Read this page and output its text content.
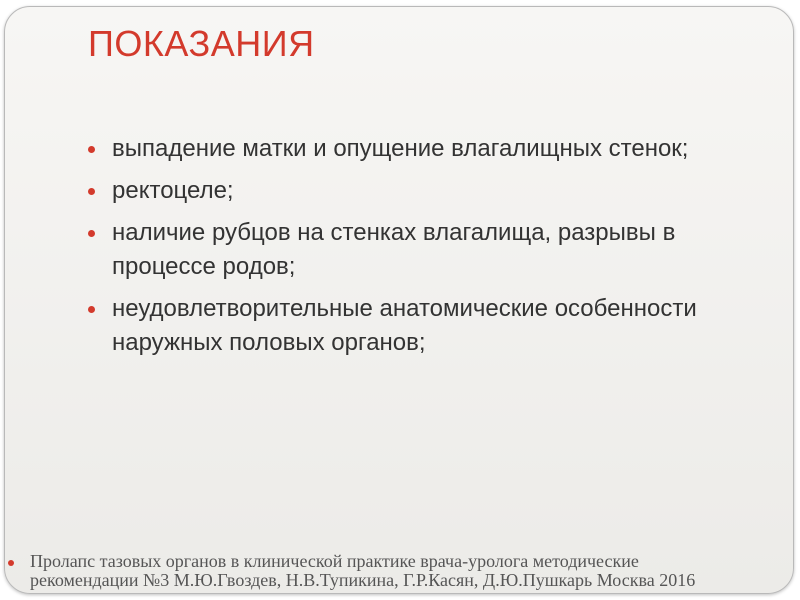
ПОКАЗАНИЯ
выпадение матки и опущение влагалищных стенок;
ректоцеле;
наличие рубцов на стенках влагалища, разрывы в процессе родов;
неудовлетворительные анатомические особенности наружных половых органов;
Пролапс тазовых органов в клинической практике врача-уролога методические рекомендации №3 М.Ю.Гвоздев, Н.В.Тупикина, Г.Р.Касян, Д.Ю.Пушкарь Москва 2016
